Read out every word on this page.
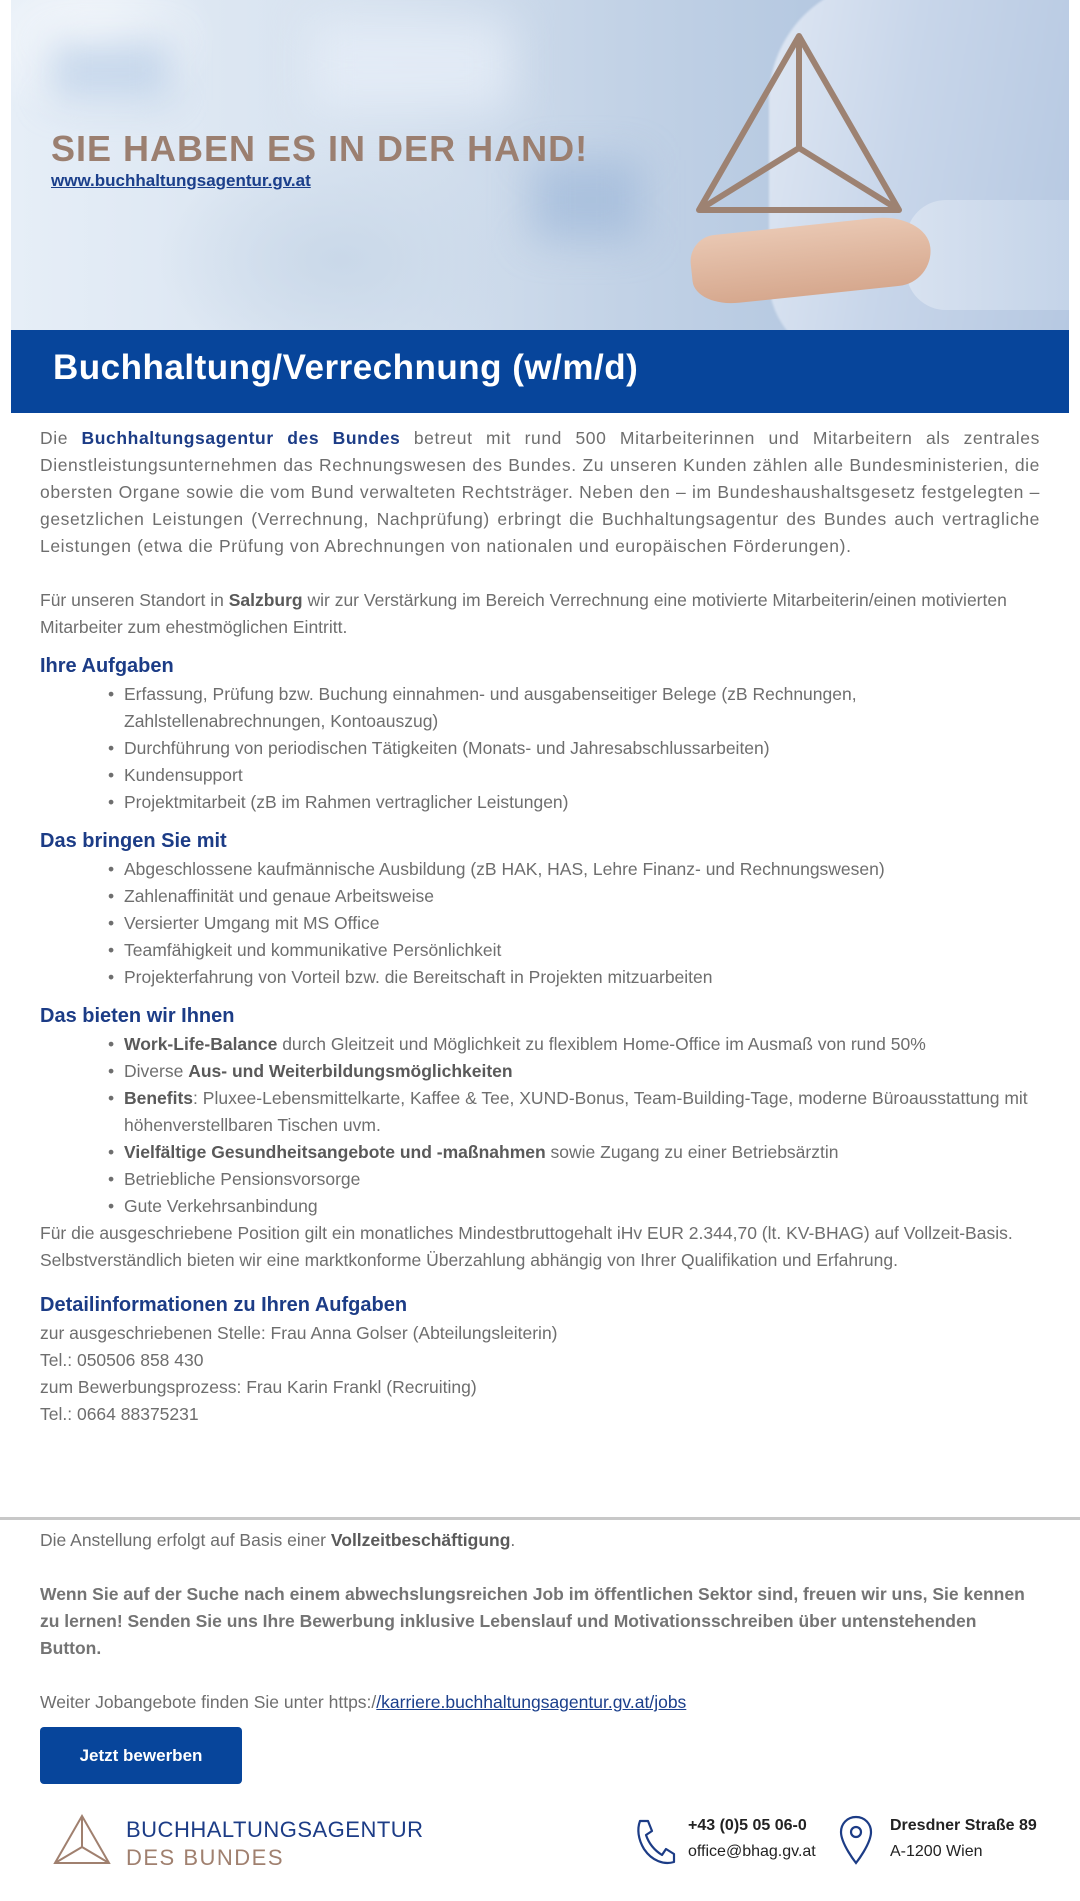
SIE HABEN ES IN DER HAND!
www.buchhaltungsagentur.gv.at
Buchhaltung/Verrechnung (w/m/d)

Die Buchhaltungsagentur des Bundes betreut mit rund 500 Mitarbeiterinnen und Mitarbeitern als zentrales Dienstleistungsunternehmen das Rechnungswesen des Bundes. Zu unseren Kunden zählen alle Bundesministerien, die obersten Organe sowie die vom Bund verwalteten Rechtsträger. Neben den – im Bundeshaushaltsgesetz festgelegten – gesetzlichen Leistungen (Verrechnung, Nachprüfung) erbringt die Buchhaltungsagentur des Bundes auch vertragliche Leistungen (etwa die Prüfung von Abrechnungen von nationalen und europäischen Förderungen).

Für unseren Standort in Salzburg wir zur Verstärkung im Bereich Verrechnung eine motivierte Mitarbeiterin/einen motivierten Mitarbeiter zum ehestmöglichen Eintritt.

Ihre Aufgaben
• Erfassung, Prüfung bzw. Buchung einnahmen- und ausgabenseitiger Belege (zB Rechnungen, Zahlstellenabrechnungen, Kontoauszug)
• Durchführung von periodischen Tätigkeiten (Monats- und Jahresabschlussarbeiten)
• Kundensupport
• Projektmitarbeit (zB im Rahmen vertraglicher Leistungen)
Das bringen Sie mit
• Abgeschlossene kaufmännische Ausbildung (zB HAK, HAS, Lehre Finanz- und Rechnungswesen)
• Zahlenaffinität und genaue Arbeitsweise
• Versierter Umgang mit MS Office
• Teamfähigkeit und kommunikative Persönlichkeit
• Projekterfahrung von Vorteil bzw. die Bereitschaft in Projekten mitzuarbeiten
Das bieten wir Ihnen
• Work-Life-Balance durch Gleitzeit und Möglichkeit zu flexiblem Home-Office im Ausmaß von rund 50%
• Diverse Aus- und Weiterbildungsmöglichkeiten
• Benefits: Pluxee-Lebensmittelkarte, Kaffee & Tee, XUND-Bonus, Team-Building-Tage, moderne Büroausstattung mit höhenverstellbaren Tischen uvm.
• Vielfältige Gesundheitsangebote und -maßnahmen sowie Zugang zu einer Betriebsärztin
• Betriebliche Pensionsvorsorge
• Gute Verkehrsanbindung

Für die ausgeschriebene Position gilt ein monatliches Mindestbruttogehalt iHv EUR 2.344,70 (lt. KV-BHAG) auf Vollzeit-Basis. Selbstverständlich bieten wir eine marktkonforme Überzahlung abhängig von Ihrer Qualifikation und Erfahrung.

Detailinformationen zu Ihren Aufgaben

zur ausgeschriebenen Stelle: Frau Anna Golser (Abteilungsleiterin)

Tel.: 050506 858 430

zum Bewerbungsprozess: Frau Karin Frankl (Recruiting)

Tel.: 0664 88375231

Die Anstellung erfolgt auf Basis einer Vollzeitbeschäftigung.

Wenn Sie auf der Suche nach einem abwechslungsreichen Job im öffentlichen Sektor sind, freuen wir uns, Sie kennen zu lernen! Senden Sie uns Ihre Bewerbung inklusive Lebenslauf und Motivationsschreiben über untenstehenden Button.

Weiter Jobangebote finden Sie unter https://karriere.buchhaltungsagentur.gv.at/jobs

Jetzt bewerben
BUCHHALTUNGSAGENTUR
DES BUNDES
+43 (0)5 05 06-0
office@bhag.gv.at
Dresdner Straße 89
A-1200 Wien
